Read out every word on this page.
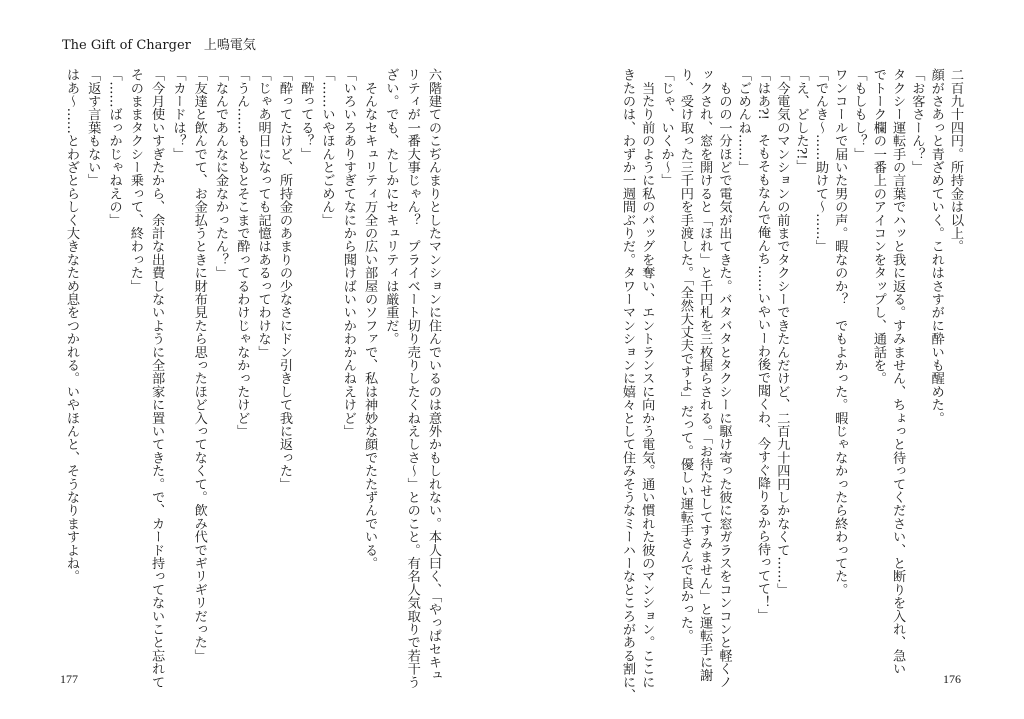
The Gift of Charger　 上鳴電気

二百九十四円。所持金は以上。

顔がさあっと青ざめていく。これはさすがに酔いも醒めた。

「お客さーん？」

タクシー運転手の言葉でハッと我に返る。すみません、ちょっと待ってください、と断りを入れ、急い

でトーク欄の一番上のアイコンをタップし、通話を。

「もしもし？」

ワンコールで届いた男の声。暇なのか？　でもよかった。暇じゃなかったら終わってた。

「でんき〜……助けて〜……」

「え、どした?!」

「今電気のマンションの前までタクシーできたんだけど、二百九十四円しかなくて……」

「はあ?!　そもそもなんで俺んち……いやいーわ後で聞くわ、今すぐ降りるから待ってて！」

「ごめんね……」

　ものの一分ほどで電気が出てきた。バタバタとタクシーに駆け寄った彼に窓ガラスをコンコンと軽くノ

ックされ、窓を開けると「ほれ」と千円札を三枚握らされる。「お待たせしてすみません」と運転手に謝

り、受け取った三千円を手渡した。「全然大丈夫ですよ」だって。優しい運転手さんで良かった。

「じゃ、いくか〜」

　当たり前のように私のバッグを奪い、エントランスに向かう電気。通い慣れた彼のマンション。ここに

きたのは、わずか一週間ぶりだ。タワーマンションに嬉々として住みそうなミーハーなところがある割に、

六階建てのこぢんまりとしたマンションに住んでいるのは意外かもしれない。本人曰く、「やっぱセキュ

リティが一番大事じゃん？　プライベート切り売りしたくねえしさ〜」とのこと。有名人気取りで若干う

ざい。でも、たしかにセキュリティは厳重だ。

　そんなセキュリティ万全の広い部屋のソファで、私は神妙な顔でたたずんでいる。

「いろいろありすぎてなにから聞けばいいかわかんねえけど」

「……いやほんとごめん」

「酔ってる？」

「酔ってたけど、所持金のあまりの少なさにドン引きして我に返った」

「じゃあ明日になっても記憶はあるってわけな」

「うん……もともとそこまで酔ってるわけじゃなかったけど」

「なんであんなに金なかったん？」

「友達と飲んでて、お金払うときに財布見たら思ったほど入ってなくて。飲み代でギリギリだった」

「カードは？」

「今月使いすぎたから、余計な出費しないように全部家に置いてきた。で、カード持ってないこと忘れて

そのままタクシー乗って、終わった」

「……ばっかじゃねえの」

「返す言葉もない」

はあ〜……とわざとらしく大きなため息をつかれる。いやほんと、そうなりますよね。

177	176
